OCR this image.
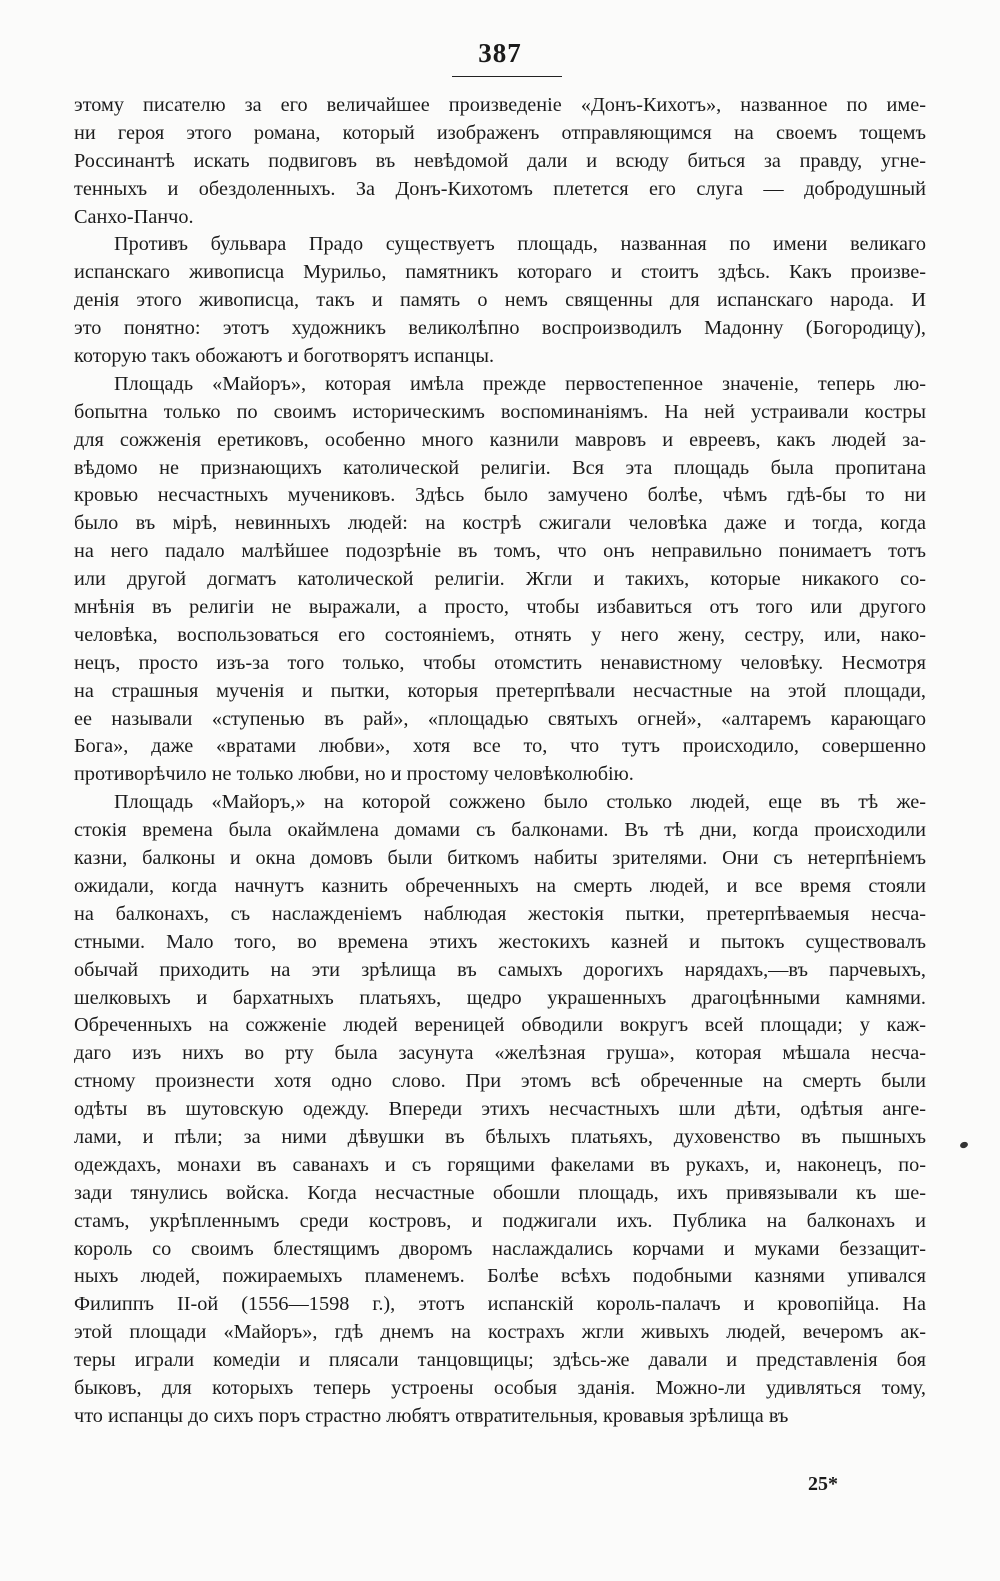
387
этому писателю за его величайшее произведеніе «Донъ-Кихотъ», названное по име-
ни героя этого романа, который изображенъ отправляющимся на своемъ тощемъ
Россинантѣ искать подвиговъ въ невѣдомой дали и всюду биться за правду, угне-
тенныхъ и обездоленныхъ. За Донъ-Кихотомъ плетется его слуга — добродушный
Санхо-Панчо.
Противъ бульвара Прадо существуетъ площадь, названная по имени великаго
испанскаго живописца Мурильо, памятникъ котораго и стоитъ здѣсь. Какъ произве-
денія этого живописца, такъ и память о немъ священны для испанскаго народа. И
это понятно: этотъ художникъ великолѣпно воспроизводилъ Мадонну (Богородицу),
которую такъ обожаютъ и боготворятъ испанцы.
Площадь «Майоръ», которая имѣла прежде первостепенное значеніе, теперь лю-
бопытна только по своимъ историческимъ воспоминаніямъ. На ней устраивали костры
для сожженія еретиковъ, особенно много казнили мавровъ и евреевъ, какъ людей за-
вѣдомо не признающихъ католической религіи. Вся эта площадь была пропитана
кровью несчастныхъ мучениковъ. Здѣсь было замучено болѣе, чѣмъ гдѣ-бы то ни
было въ мірѣ, невинныхъ людей: на кострѣ сжигали человѣка даже и тогда, когда
на него падало малѣйшее подозрѣніе въ томъ, что онъ неправильно понимаетъ тотъ
или другой догматъ католической религіи. Жгли и такихъ, которые никакого со-
мнѣнія въ религіи не выражали, а просто, чтобы избавиться отъ того или другого
человѣка, воспользоваться его состояніемъ, отнять у него жену, сестру, или, нако-
нецъ, просто изъ-за того только, чтобы отомстить ненавистному человѣку. Несмотря
на страшныя мученія и пытки, которыя претерпѣвали несчастные на этой площади,
ее называли «ступенью въ рай», «площадью святыхъ огней», «алтаремъ карающаго
Бога», даже «вратами любви», хотя все то, что тутъ происходило, совершенно
противорѣчило не только любви, но и простому человѣколюбію.
Площадь «Майоръ,» на которой сожжено было столько людей, еще въ тѣ же-
стокія времена была окаймлена домами съ балконами. Въ тѣ дни, когда происходили
казни, балконы и окна домовъ были биткомъ набиты зрителями. Они съ нетерпѣніемъ
ожидали, когда начнутъ казнить обреченныхъ на смерть людей, и все время стояли
на балконахъ, съ наслажденіемъ наблюдая жестокія пытки, претерпѣваемыя несча-
стными. Мало того, во времена этихъ жестокихъ казней и пытокъ существовалъ
обычай приходить на эти зрѣлища въ самыхъ дорогихъ нарядахъ,—въ парчевыхъ,
шелковыхъ и бархатныхъ платьяхъ, щедро украшенныхъ драгоцѣнными камнями.
Обреченныхъ на сожженіе людей вереницей обводили вокругъ всей площади; у каж-
даго изъ нихъ во рту была засунута «желѣзная груша», которая мѣшала несча-
стному произнести хотя одно слово. При этомъ всѣ обреченные на смерть были
одѣты въ шутовскую одежду. Впереди этихъ несчастныхъ шли дѣти, одѣтыя анге-
лами, и пѣли; за ними дѣвушки въ бѣлыхъ платьяхъ, духовенство въ пышныхъ
одеждахъ, монахи въ саванахъ и съ горящими факелами въ рукахъ, и, наконецъ, по-
зади тянулись войска. Когда несчастные обошли площадь, ихъ привязывали къ ше-
стамъ, укрѣпленнымъ среди костровъ, и поджигали ихъ. Публика на балконахъ и
король со своимъ блестящимъ дворомъ наслаждались корчами и муками беззащит-
ныхъ людей, пожираемыхъ пламенемъ. Болѣе всѣхъ подобными казнями упивался
Филиппъ II-ой (1556—1598 г.), этотъ испанскій король-палачъ и кровопійца. На
этой площади «Майоръ», гдѣ днемъ на кострахъ жгли живыхъ людей, вечеромъ ак-
теры играли комедіи и плясали танцовщицы; здѣсь-же давали и представленія боя
быковъ, для которыхъ теперь устроены особыя зданія. Можно-ли удивляться тому,
что испанцы до сихъ поръ страстно любятъ отвратительныя, кровавыя зрѣлища въ
25*
